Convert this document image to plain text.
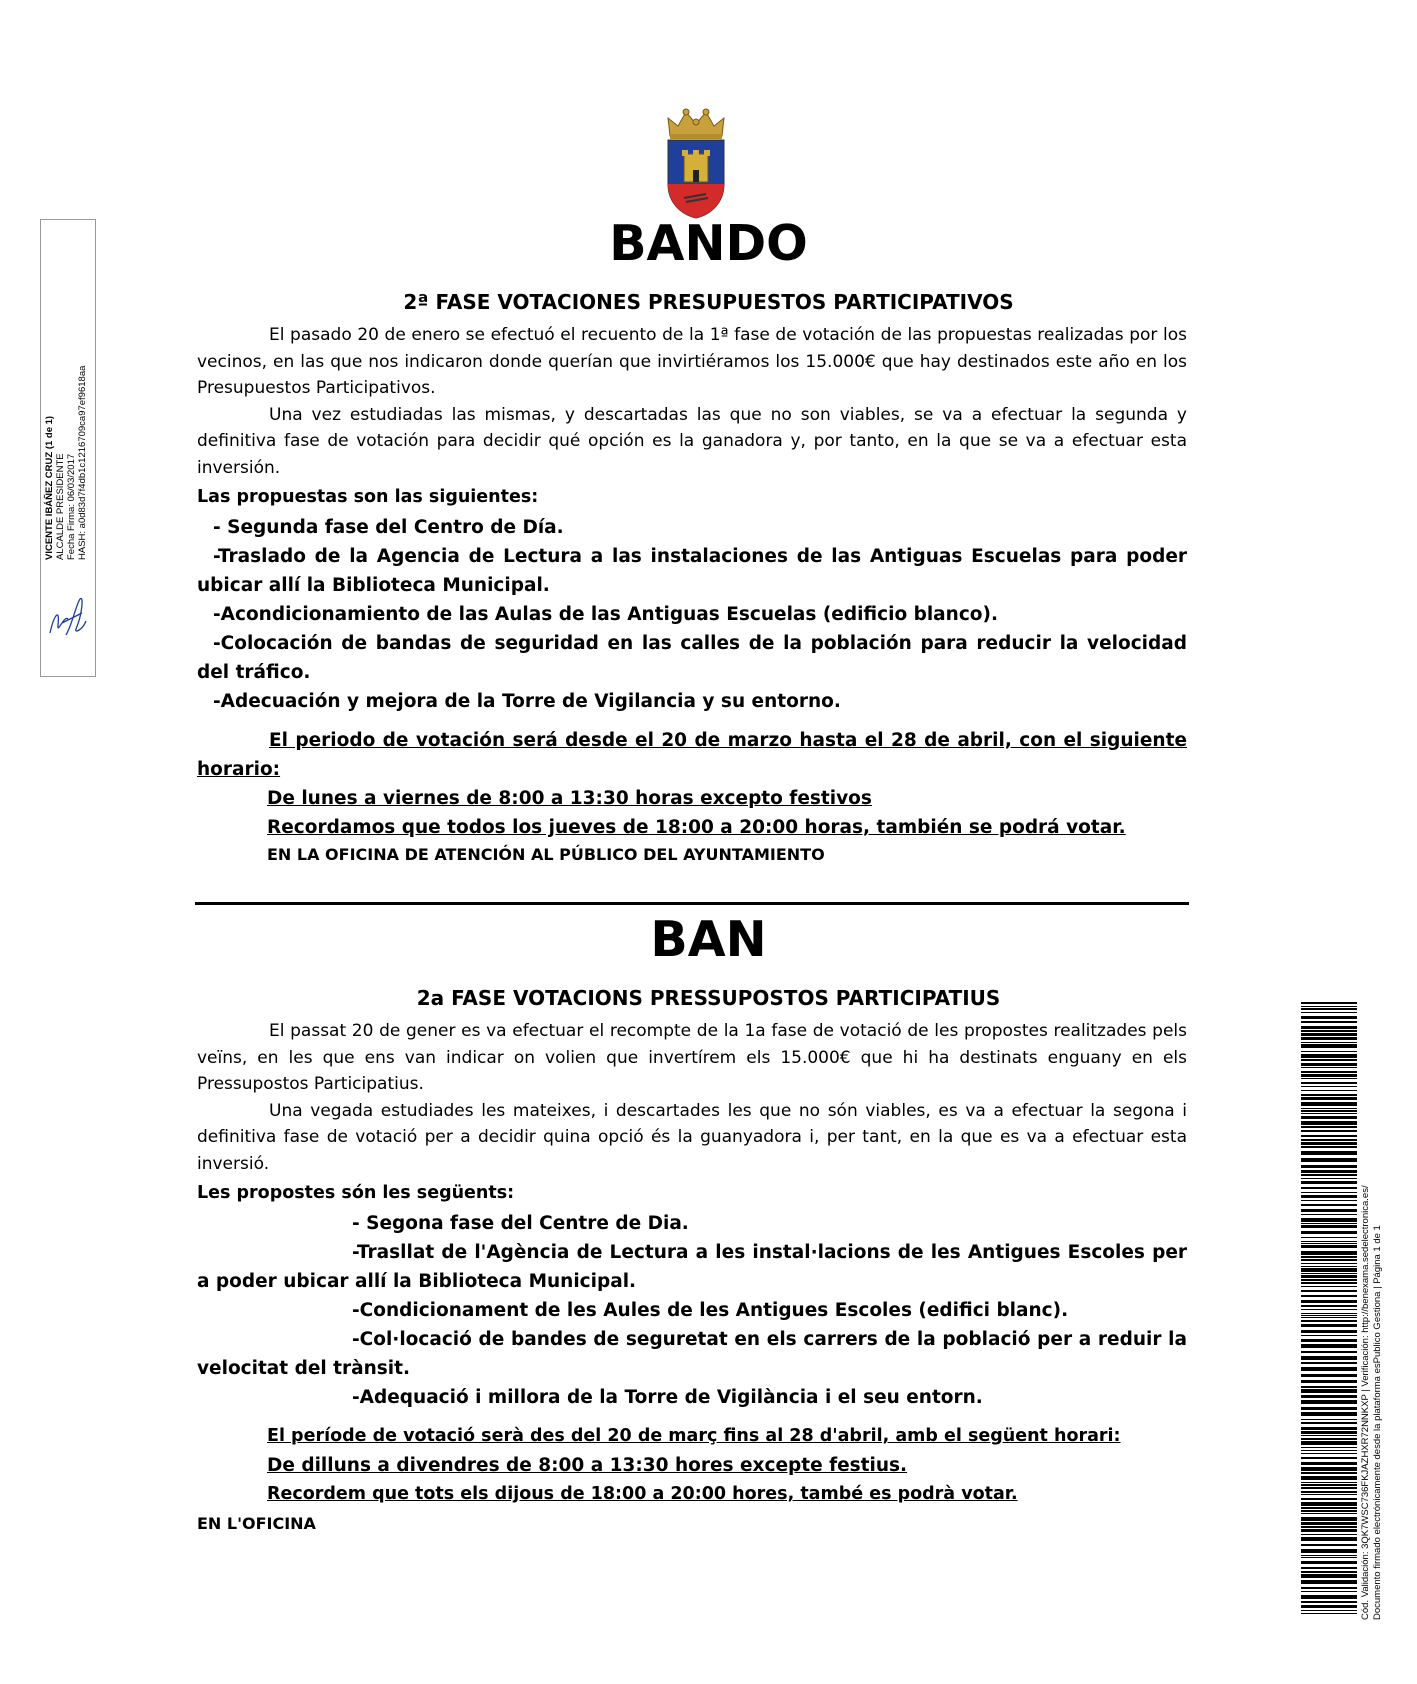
VICENTE IBÁÑEZ CRUZ (1 de 1) ALCALDE PRESIDENTE Fecha Firma: 06/03/2017 HASH: a0d83d7f4db1c1216709ca97ef9618aa
BANDO
2ª FASE VOTACIONES PRESUPUESTOS PARTICIPATIVOS

El pasado 20 de enero se efectuó el recuento de la 1ª fase de votación de las propuestas realizadas por los vecinos, en las que nos indicaron donde querían que invirtiéramos los 15.000€ que hay destinados este año en los Presupuestos Participativos.

Una vez estudiadas las mismas, y descartadas las que no son viables, se va a efectuar la segunda y definitiva fase de votación para decidir qué opción es la ganadora y, por tanto, en la que se va a efectuar esta inversión.

Las propuestas son las siguientes:

- Segunda fase del Centro de Día.

-Traslado de la Agencia de Lectura a las instalaciones de las Antiguas Escuelas para poder ubicar allí la Biblioteca Municipal.

-Acondicionamiento de las Aulas de las Antiguas Escuelas (edificio blanco).

-Colocación de bandas de seguridad en las calles de la población para reducir la velocidad del tráfico.

-Adecuación y mejora de la Torre de Vigilancia y su entorno.

El periodo de votación será desde el 20 de marzo hasta el 28 de abril, con el siguiente horario:

De lunes a viernes de 8:00 a 13:30 horas excepto festivos

Recordamos que todos los jueves de 18:00 a 20:00 horas, también se podrá votar.

EN LA OFICINA DE ATENCIÓN AL PÚBLICO DEL AYUNTAMIENTO

BAN
2a FASE VOTACIONS PRESSUPOSTOS PARTICIPATIUS

El passat 20 de gener es va efectuar el recompte de la 1a fase de votació de les propostes realitzades pels veïns, en les que ens van indicar on volien que invertírem els 15.000€ que hi ha destinats enguany en els Pressupostos Participatius.

Una vegada estudiades les mateixes, i descartades les que no són viables, es va a efectuar la segona i definitiva fase de votació per a decidir quina opció és la guanyadora i, per tant, en la que es va a efectuar esta inversió.

Les propostes són les següents:

- Segona fase del Centre de Dia.

-Trasllat de l'Agència de Lectura a les instal·lacions de les Antigues Escoles per a poder ubicar allí la Biblioteca Municipal.

-Condicionament de les Aules de les Antigues Escoles (edifici blanc).

-Col·locació de bandes de seguretat en els carrers de la població per a reduir la velocitat del trànsit.

-Adequació i millora de la Torre de Vigilància i el seu entorn.

El període de votació serà des del 20 de març fins al 28 d'abril, amb el següent horari:

De dilluns a divendres de 8:00 a 13:30 hores excepte festius.

Recordem que tots els dijous de 18:00 a 20:00 hores, també es podrà votar.

EN L'OFICINA	Cód. Validación: 3QK7WSC736FKJAZHXR72NNKXP | Verificación: http://benexama.sedelectronica.es/ Documento firmado electrónicamente desde la plataforma esPublico Gestiona | Página 1 de 1
